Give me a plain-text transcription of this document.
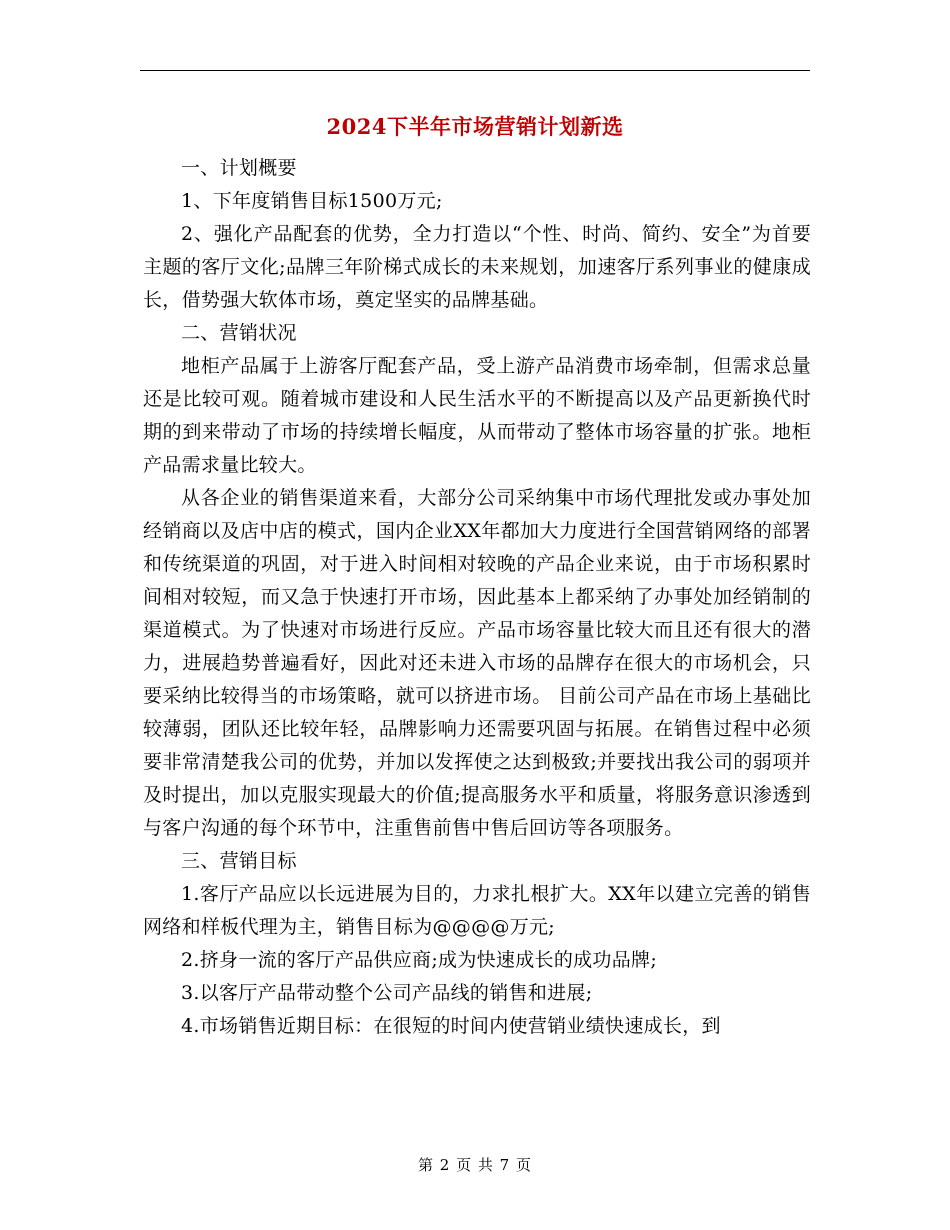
2024下半年市场营销计划新选

一、计划概要

1、下年度销售目标1500万元;

2、强化产品配套的优势，全力打造以“个性、时尚、简约、安全”为首要主题的客厅文化;品牌三年阶梯式成长的未来规划，加速客厅系列事业的健康成长，借势强大软体市场，奠定坚实的品牌基础。

二、营销状况

地柜产品属于上游客厅配套产品，受上游产品消费市场牵制，但需求总量还是比较可观。随着城市建设和人民生活水平的不断提高以及产品更新换代时期的到来带动了市场的持续增长幅度，从而带动了整体市场容量的扩张。地柜产品需求量比较大。

从各企业的销售渠道来看，大部分公司采纳集中市场代理批发或办事处加经销商以及店中店的模式，国内企业XX年都加大力度进行全国营销网络的部署和传统渠道的巩固，对于进入时间相对较晚的产品企业来说，由于市场积累时间相对较短，而又急于快速打开市场，因此基本上都采纳了办事处加经销制的渠道模式。为了快速对市场进行反应。产品市场容量比较大而且还有很大的潜力，进展趋势普遍看好，因此对还未进入市场的品牌存在很大的市场机会，只要采纳比较得当的市场策略，就可以挤进市场。 目前公司产品在市场上基础比较薄弱，团队还比较年轻，品牌影响力还需要巩固与拓展。在销售过程中必须要非常清楚我公司的优势，并加以发挥使之达到极致;并要找出我公司的弱项并及时提出，加以克服实现最大的价值;提高服务水平和质量，将服务意识渗透到与客户沟通的每个环节中，注重售前售中售后回访等各项服务。

三、营销目标

1.客厅产品应以长远进展为目的，力求扎根扩大。XX年以建立完善的销售网络和样板代理为主，销售目标为@@@@万元;

2.挤身一流的客厅产品供应商;成为快速成长的成功品牌;

3.以客厅产品带动整个公司产品线的销售和进展;

4.市场销售近期目标：在很短的时间内使营销业绩快速成长，到

第 2 页 共 7 页
